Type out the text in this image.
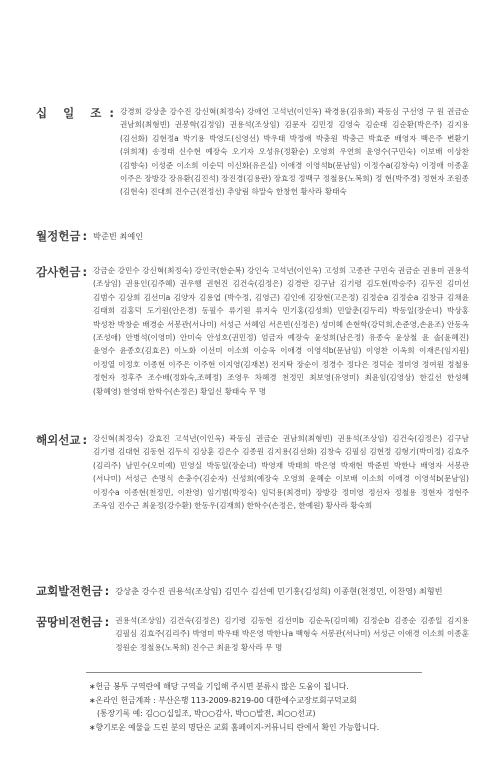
십 일 조 : 강경희 강상춘 강수진 강신혁(최정숙) 강애연 고석년(이인옥) 곽경용(김유희) 곽동심 구선영 구 원 권금순 권남희(최형빈) 권봉학(김정임) 권용석(조상임) 김문자 김민정 김영숙 김순태 김순환(박은주) 김지용(김선화) 김현정a 박기용 박영도(신영선) 박우태 박정애 박충원 박충근 박효준 배영자 백은주 변환기(위희채) 송정태 신수현 예장숙 오기자 오성유(정환순) 오영희 우연희 윤영수(구민숙) 이보배 이상찬(김향숙) 이성준 이소희 이순덕 이신화(유은실) 이애경 이영석b(문남임) 이정수a(김창숙) 이정애 이종훈 이주은 장방강 장유환(김진석) 장진경(김용란) 장효정 정백구 정철용(노복희) 정 현(박주경) 정현자 조원종(김현숙) 진대희 진수근(전정선) 추양림 하말숙 한창헌 황사라 황태숙
월정헌금 : 박준빈 최예인
감사헌금 : 강금순 강민수 강신혁(최정숙) 강인국(한순복) 강인숙 고석년(이인옥) 고성희 고종관 구민숙 권금순 권용미 권용석(조상임) 권용인(김주혜) 권우행 권현진 김건숙(김정은) 김경란 김구남 김기령 김도현(박승주) 김두진 김미선 김범수 김상희 김선미a 김양자 김용엽 (박수정, 김영근) 김인애 김장현(고은정) 김정순a 김정순a 김창규 김채윤 김태희 김홍덕 도기원(안은경) 동필수 류기원 류지숙 민기홍(김성희) 민알춘(김두리) 박동일(장순녀) 박상홍 박성찬 박창순 배경순 서봉관(서나미) 서성근 서혜임 서은빈(신정은) 성미혜 손현학(강덕희,손준영,손윤조) 안동옥(조성애) 안병석(이영미) 안미숙 안성호(권민정) 엄금자 예장숙 윤성희(남은정) 유종숙 윤상철 윤 솔(윤혜진) 윤영수 윤종호(김효은) 이노화 이선미 이소희 이승옥 이애경 이영석b(문남임) 이영찬 이옥희 이재은(임지원) 이정열 이정호 이종현 이주은 이주현 이지영(김재본) 전지탁 장순이 정경수 정다은 정덕순 정미영 정여원 정철용 정현자 정후주 조수배(정화숙,조혜정) 조영우 차혜경 천정민 최보영(유영미) 최윤임(김영상) 한길선 한성혜(황혜영) 한영태 한학수(손정은) 황일신 황태숙 무 명
해외선교 : 강신혁(최정숙) 강효진 고석년(이인옥) 곽동심 권금순 권남희(최형빈) 권용석(조상임) 김건숙(김정은) 김구남 김기령 김대현 김동현 김두식 김상훈 김은수 김종원 김지용(김선화) 김창숙 김필심 김현정 김형기(박미정) 김효주(김리주) 남민수(오미예) 민영실 박동일(장순녀) 박영재 박태희 박은영 박재현 박준빈 박한나 배영자 서봉관(서나미) 서성근 손명식 손충수(김순자) 신성희(예장숙 오영희 윤혜순 이보배 이소희 이애경 이영석b(문남임) 이정수a 이종현(천정민, 이찬영) 임기범(박정숙) 임덕용(최경미) 장방강 정미영 정선자 정철용 정현자 정현주 조옥임 진수근 최윤정(강수환) 한동우(김재희) 한학수(손정은, 한예원) 황사라 황숙희
교회발전헌금 : 강상춘 강수진 권용석(조상임) 김민수 김선예 민기홍(김성희) 이종현(천정민, 이찬영) 최형빈
꿈땅비전헌금 : 권용석(조상임) 김건숙(김정은) 김기령 김동현 김선미b 김순옥(김미혜) 김정순b 김종순 김종일 김지용 김필심 김효주(김리주) 박영미 박우태 박은영 박한나a 백형숙 서봉관(서나미) 서성근 이애경 이소희 이종훈 정원순 정철용(노복희) 진수근 최윤정 황사라 무 명
∗헌금 봉투 구역란에 해당 구역을 기입해 주시면 분류시 많은 도움이 됩니다.
∗온라인 헌금계좌 : 부산은행 113-2009-8219-00 대한예수교장로회구덕교회
(통장기록 예: 김○○십일조, 박○○감사, 박○○발전, 최○○선교)
∗향기로운 예물을 드린 분의 명단은 교회 홈페이지-커뮤니티 란에서 확인 가능합니다.
